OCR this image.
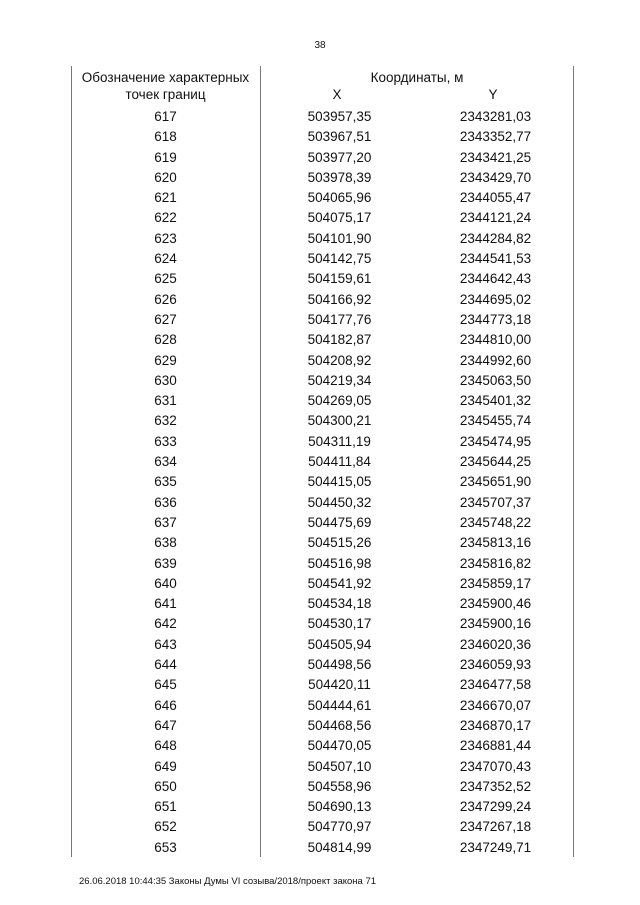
38
Обозначение характерных точек границ
Координаты, м
X	Y
617	503957,35	2343281,03
618	503967,51	2343352,77
619	503977,20	2343421,25
620	503978,39	2343429,70
621	504065,96	2344055,47
622	504075,17	2344121,24
623	504101,90	2344284,82
624	504142,75	2344541,53
625	504159,61	2344642,43
626	504166,92	2344695,02
627	504177,76	2344773,18
628	504182,87	2344810,00
629	504208,92	2344992,60
630	504219,34	2345063,50
631	504269,05	2345401,32
632	504300,21	2345455,74
633	504311,19	2345474,95
634	504411,84	2345644,25
635	504415,05	2345651,90
636	504450,32	2345707,37
637	504475,69	2345748,22
638	504515,26	2345813,16
639	504516,98	2345816,82
640	504541,92	2345859,17
641	504534,18	2345900,46
642	504530,17	2345900,16
643	504505,94	2346020,36
644	504498,56	2346059,93
645	504420,11	2346477,58
646	504444,61	2346670,07
647	504468,56	2346870,17
648	504470,05	2346881,44
649	504507,10	2347070,43
650	504558,96	2347352,52
651	504690,13	2347299,24
652	504770,97	2347267,18
653	504814,99	2347249,71
26.06.2018 10:44:35 Законы Думы VI созыва/2018/проект закона 71
